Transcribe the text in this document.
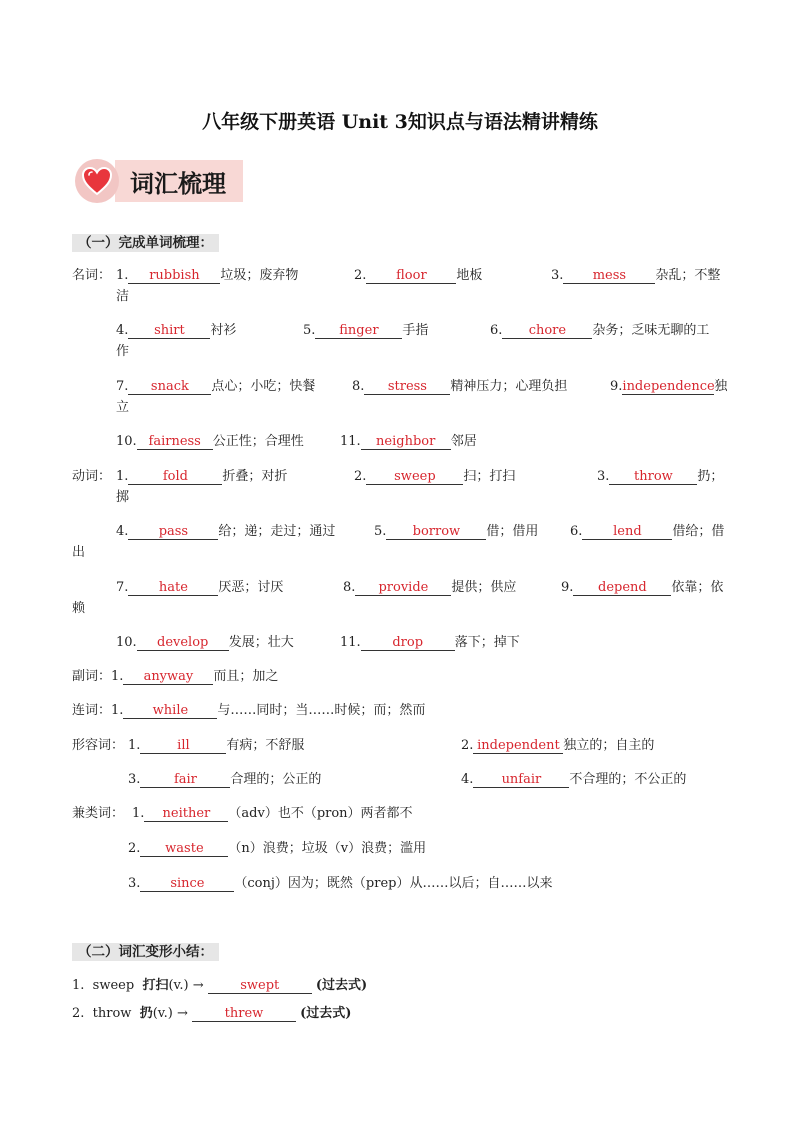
八年级下册英语 Unit 3知识点与语法精讲精练
词汇梳理
（一）完成单词梳理：
名词： 1. rubbish 垃圾；废弃物	2. floor 地板	3. mess 杂乱；不整
洁
4. shirt 衬衫	5. finger 手指	6. chore 杂务；乏味无聊的工
作
7. snack 点心；小吃；快餐	8. stress 精神压力；心理负担	9.independence独
立
10. fairness 公正性；合理性	11. neighbor 邻居
动词： 1.	fold	折叠；对折	2. sweep 扫；打扫	3. throw 扔；
掷
4. pass 给；递；走过；通过	5. borrow 借；借用 6. lend 借给；借
出
7. hate 厌恶；讨厌	8. provide 提供；供应	9. depend 依靠；依
赖
10. develop 发展；壮大	11. drop 落下；掉下
副词：1. anyway 而且；加之
连词：1. while 与……同时；当……时候；而；然而
形容词： 1.	ill	有病；不舒服	2. independent 独立的；自主的
3.	fair	合理的；公正的	4. unfair 不合理的；不公正的
兼类词： 1. neither （adv）也不（pron）两者都不
2. waste （n）浪费；垃圾（v）浪费；滥用
3. since （conj）因为；既然（prep）从……以后；自……以来
（二）词汇变形小结：
1. sweep 打扫(v.) →	swept	(过去式)
2. throw 扔(v.) →	threw	(过去式)
